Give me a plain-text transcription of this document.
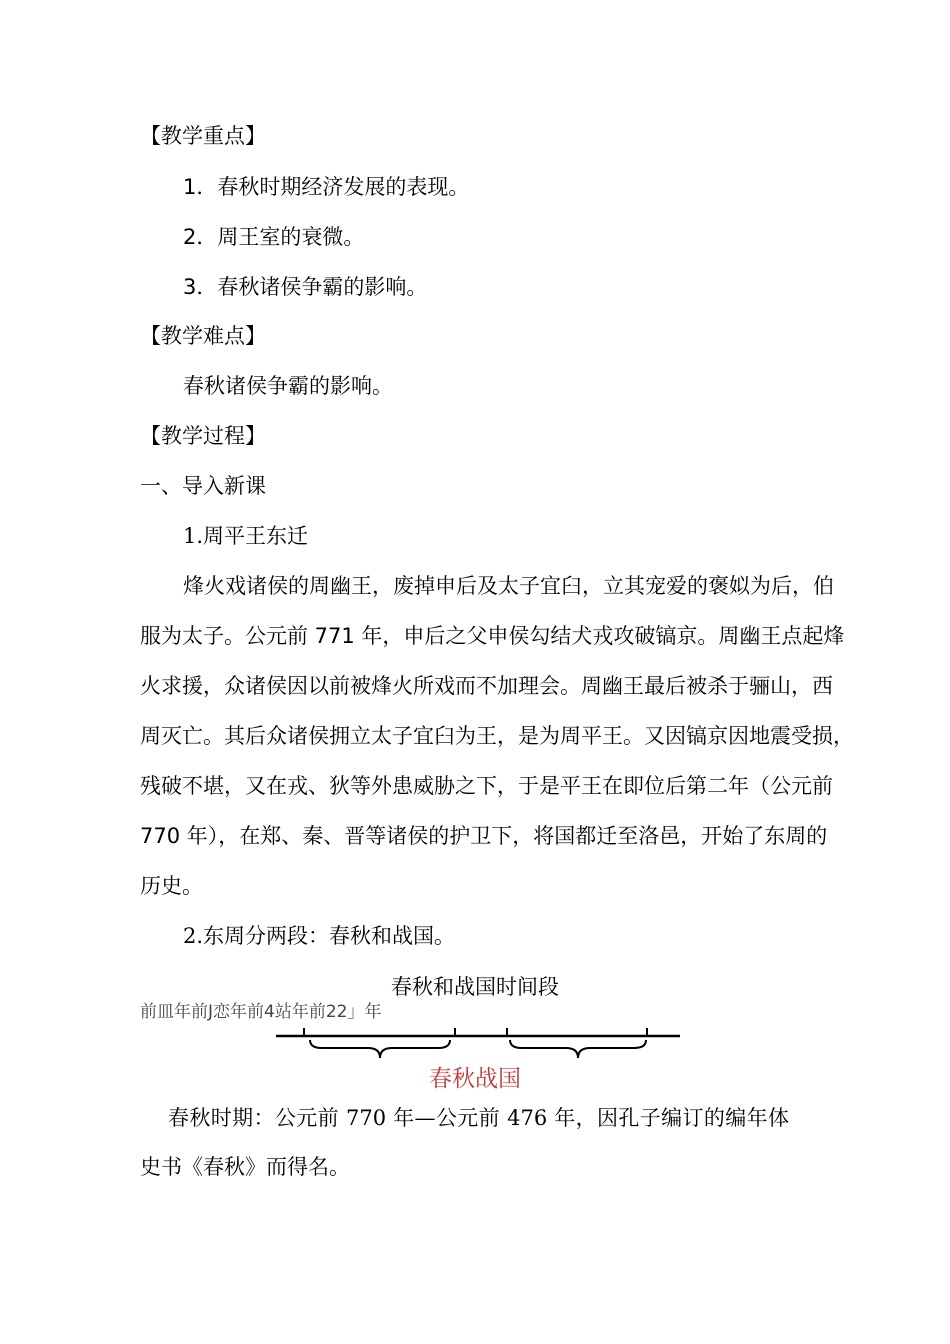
【教学重点】
1．春秋时期经济发展的表现。
2．周王室的衰微。
3．春秋诸侯争霸的影响。
【教学难点】
春秋诸侯争霸的影响。
【教学过程】
一、导入新课
1.周平王东迁
烽火戏诸侯的周幽王，废掉申后及太子宜臼，立其宠爱的褒姒为后，伯
服为太子。公元前 771 年，申后之父申侯勾结犬戎攻破镐京。周幽王点起烽
火求援，众诸侯因以前被烽火所戏而不加理会。周幽王最后被杀于骊山，西
周灭亡。其后众诸侯拥立太子宜臼为王，是为周平王。又因镐京因地震受损，
残破不堪，又在戎、狄等外患威胁之下，于是平王在即位后第二年（公元前
770 年），在郑、秦、晋等诸侯的护卫下，将国都迁至洛邑，开始了东周的
历史。
2.东周分两段：春秋和战国。
春秋和战国时间段
前皿年前J恋年前4站年前22」年
春秋战国
春秋时期：公元前 770 年—公元前 476 年，因孔子编订的编年体
史书《春秋》而得名。
